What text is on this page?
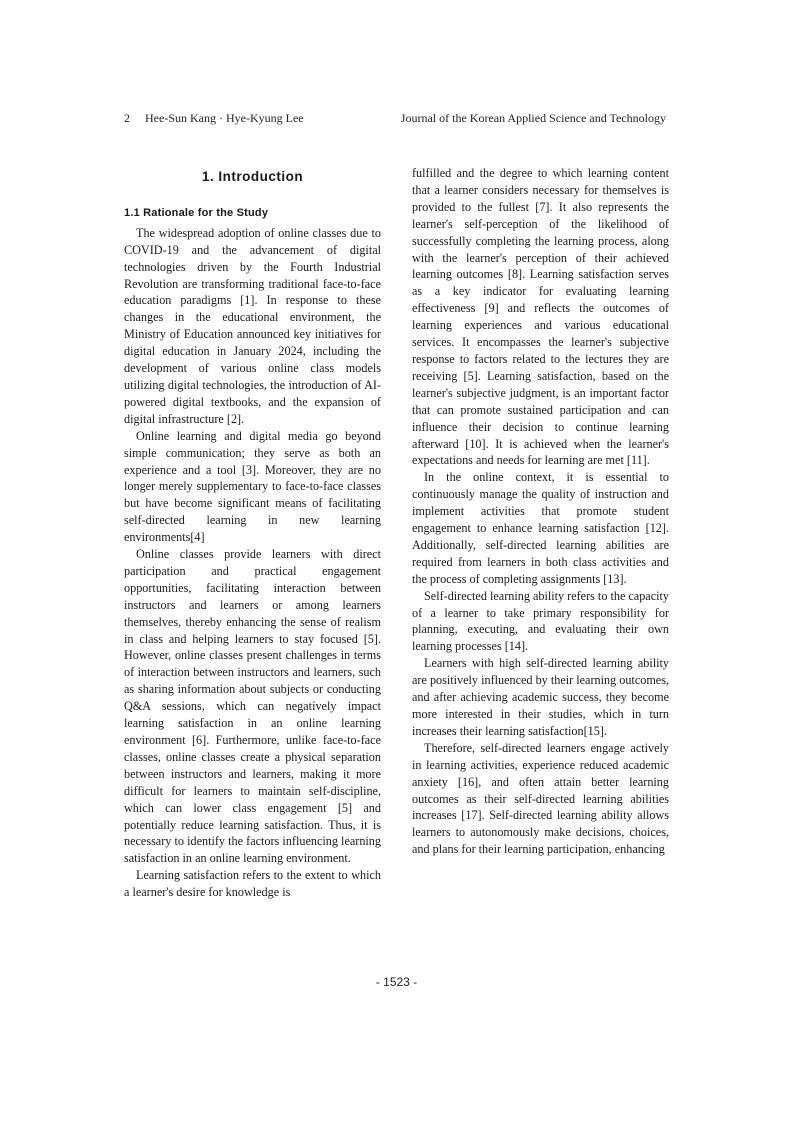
2 Hee-Sun Kang · Hye-Kyung Lee	Journal of the Korean Applied Science and Technology
1. Introduction
1.1 Rationale for the Study

The widespread adoption of online classes due to COVID-19 and the advancement of digital technologies driven by the Fourth Industrial Revolution are transforming traditional face-to-face education paradigms [1]. In response to these changes in the educational environment, the Ministry of Education announced key initiatives for digital education in January 2024, including the development of various online class models utilizing digital technologies, the introduction of AI-powered digital textbooks, and the expansion of digital infrastructure [2].

Online learning and digital media go beyond simple communication; they serve as both an experience and a tool [3]. Moreover, they are no longer merely supplementary to face-to-face classes but have become significant means of facilitating self-directed learning in new learning environments[4]

Online classes provide learners with direct participation and practical engagement opportunities, facilitating interaction between instructors and learners or among learners themselves, thereby enhancing the sense of realism in class and helping learners to stay focused [5]. However, online classes present challenges in terms of interaction between instructors and learners, such as sharing information about subjects or conducting Q&A sessions, which can negatively impact learning satisfaction in an online learning environment [6]. Furthermore, unlike face-to-face classes, online classes create a physical separation between instructors and learners, making it more difficult for learners to maintain self-discipline, which can lower class engagement [5] and potentially reduce learning satisfaction. Thus, it is necessary to identify the factors influencing learning satisfaction in an online learning environment.

Learning satisfaction refers to the extent to which a learner's desire for knowledge is

fulfilled and the degree to which learning content that a learner considers necessary for themselves is provided to the fullest [7]. It also represents the learner's self-perception of the likelihood of successfully completing the learning process, along with the learner's perception of their achieved learning outcomes [8]. Learning satisfaction serves as a key indicator for evaluating learning effectiveness [9] and reflects the outcomes of learning experiences and various educational services. It encompasses the learner's subjective response to factors related to the lectures they are receiving [5]. Learning satisfaction, based on the learner's subjective judgment, is an important factor that can promote sustained participation and can influence their decision to continue learning afterward [10]. It is achieved when the learner's expectations and needs for learning are met [11].

In the online context, it is essential to continuously manage the quality of instruction and implement activities that promote student engagement to enhance learning satisfaction [12]. Additionally, self-directed learning abilities are required from learners in both class activities and the process of completing assignments [13].

Self-directed learning ability refers to the capacity of a learner to take primary responsibility for planning, executing, and evaluating their own learning processes [14].

Learners with high self-directed learning ability are positively influenced by their learning outcomes, and after achieving academic success, they become more interested in their studies, which in turn increases their learning satisfaction[15].

Therefore, self-directed learners engage actively in learning activities, experience reduced academic anxiety [16], and often attain better learning outcomes as their self-directed learning abilities increases [17]. Self-directed learning ability allows learners to autonomously make decisions, choices, and plans for their learning participation, enhancing

- 1523 -
